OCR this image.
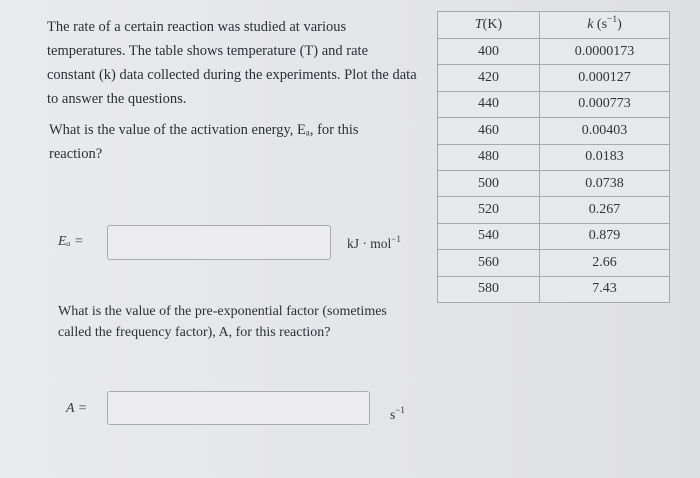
The rate of a certain reaction was studied at various temperatures. The table shows temperature (T) and rate constant (k) data collected during the experiments. Plot the data to answer the questions.
What is the value of the activation energy, Eₐ, for this reaction?
Eₐ =	kJ · mol$^{-1}$
What is the value of the pre-exponential factor (sometimes called the frequency factor), A, for this reaction?
A =	$s^{-1}$
T(K)	k $(s^{-1})$
400	0.0000173
420	0.000127
440	0.000773
460	0.00403
480	0.0183
500	0.0738
520	0.267
540	0.879
560	2.66
580	7.43
